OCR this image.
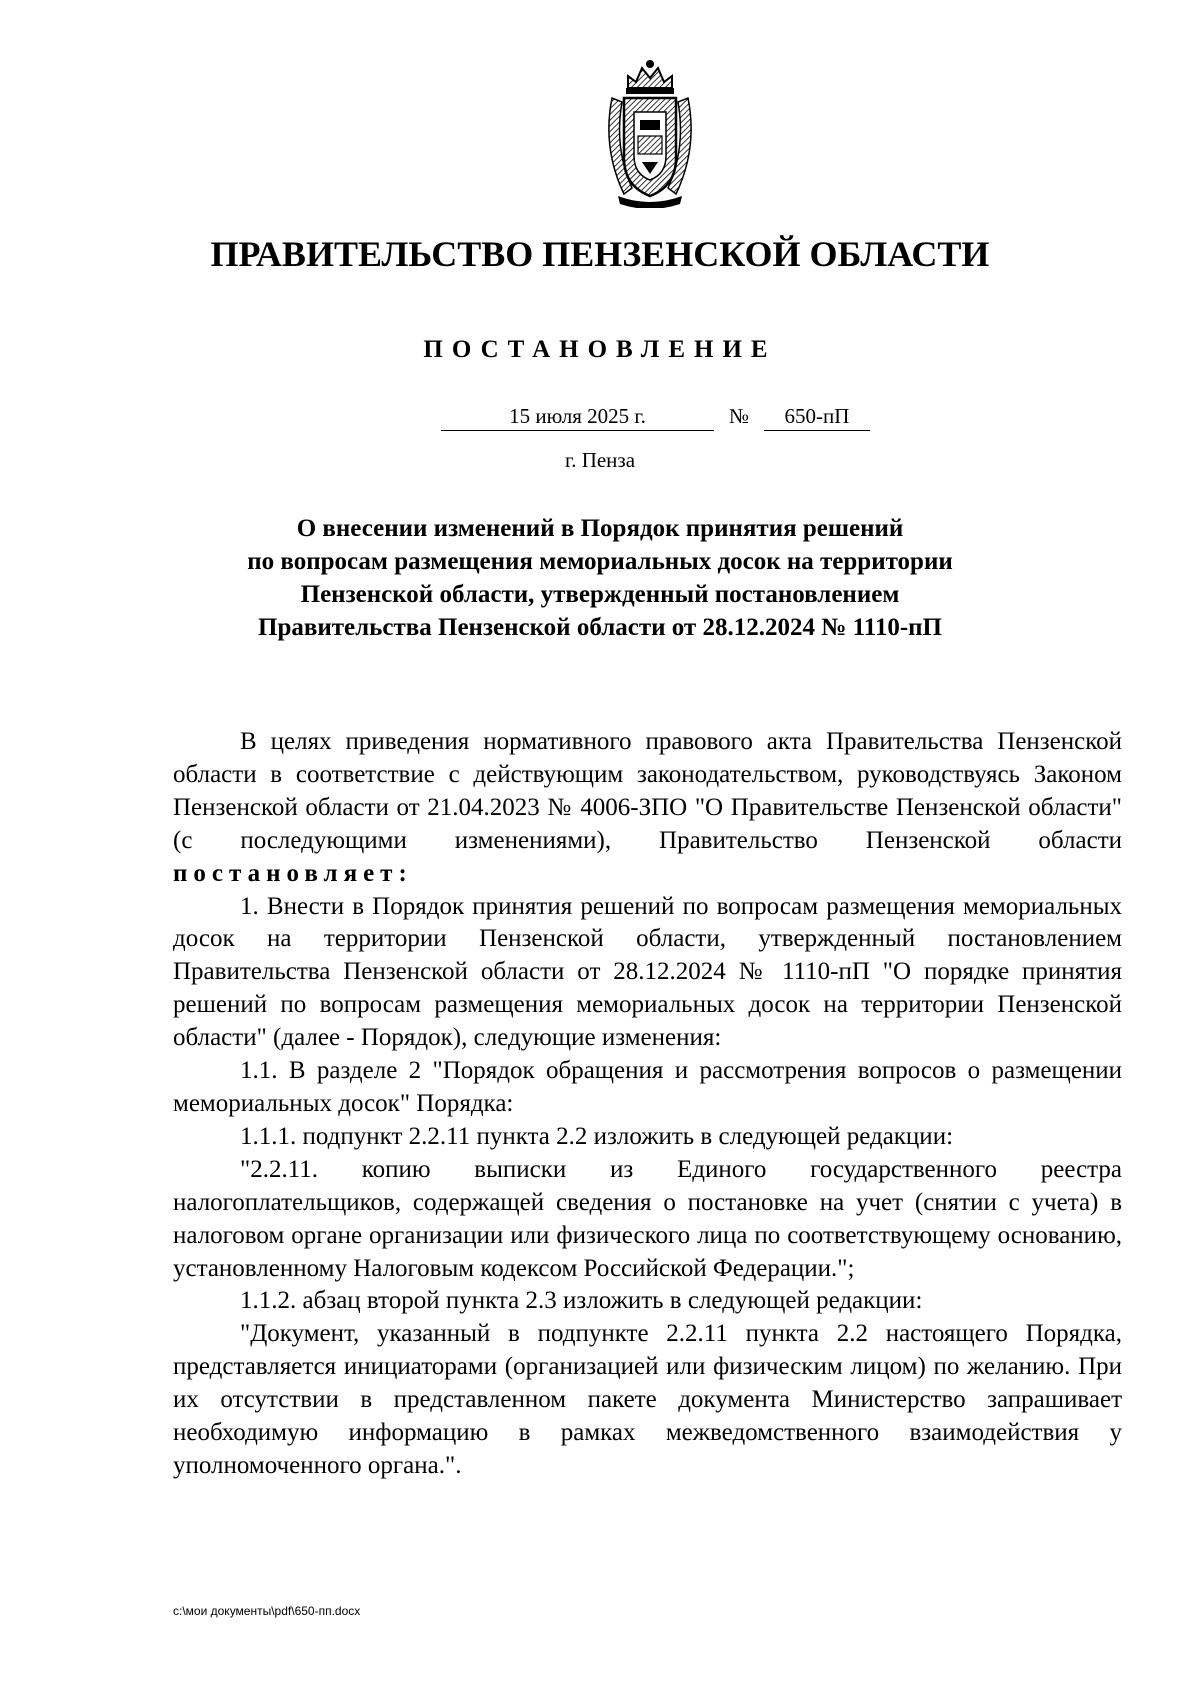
ПРАВИТЕЛЬСТВО ПЕНЗЕНСКОЙ ОБЛАСТИ
ПОСТАНОВЛЕНИЕ
15 июля 2025 г.	№	650-пП
г. Пенза
О внесении изменений в Порядок принятия решений
по вопросам размещения мемориальных досок на территории
Пензенской области, утвержденный постановлением
Правительства Пензенской области от 28.12.2024 № 1110-пП

В целях приведения нормативного правового акта Правительства Пензенской области в соответствие с действующим законодательством, руководствуясь Законом Пензенской области от 21.04.2023 № 4006-ЗПО "О Правительстве Пензенской области" (с последующими изменениями), Правительство Пензенской области постановляет:

1. Внести в Порядок принятия решений по вопросам размещения мемориальных досок на территории Пензенской области, утвержденный постановлением Правительства Пензенской области от 28.12.2024 № 1110-пП "О порядке принятия решений по вопросам размещения мемориальных досок на территории Пензенской области" (далее - Порядок), следующие изменения:

1.1. В разделе 2 "Порядок обращения и рассмотрения вопросов о размещении мемориальных досок" Порядка:

1.1.1. подпункт 2.2.11 пункта 2.2 изложить в следующей редакции:

"2.2.11. копию выписки из Единого государственного реестра налогоплательщиков, содержащей сведения о постановке на учет (снятии с учета) в налоговом органе организации или физического лица по соответствующему основанию, установленному Налоговым кодексом Российской Федерации.";

1.1.2. абзац второй пункта 2.3 изложить в следующей редакции:

"Документ, указанный в подпункте 2.2.11 пункта 2.2 настоящего Порядка, представляется инициаторами (организацией или физическим лицом) по желанию. При их отсутствии в представленном пакете документа Министерство запрашивает необходимую информацию в рамках межведомственного взаимодействия у уполномоченного органа.".

c:\мои документы\pdf\650-пп.docx
